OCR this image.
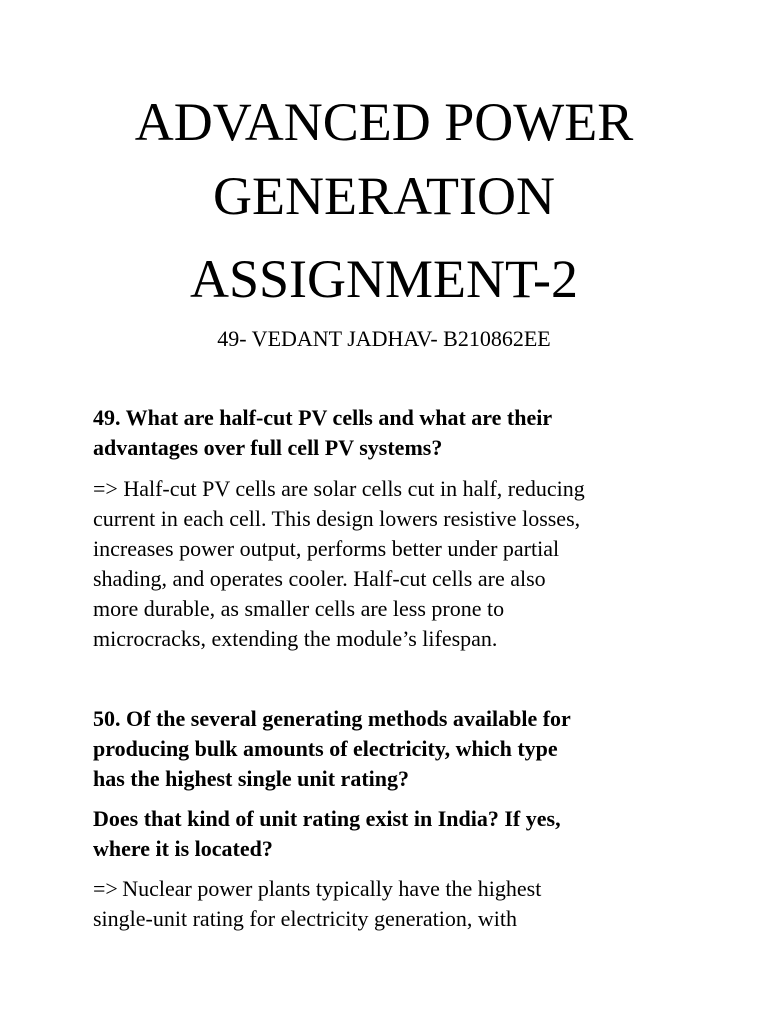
ADVANCED POWER
GENERATION
ASSIGNMENT-2

49- VEDANT JADHAV- B210862EE

49. What are half-cut PV cells and what are their
advantages over full cell PV systems?

=> Half-cut PV cells are solar cells cut in half, reducing
current in each cell. This design lowers resistive losses,
increases power output, performs better under partial
shading, and operates cooler. Half-cut cells are also
more durable, as smaller cells are less prone to
microcracks, extending the module’s lifespan.

50. Of the several generating methods available for
producing bulk amounts of electricity, which type
has the highest single unit rating?

Does that kind of unit rating exist in India? If yes,
where it is located?

=> Nuclear power plants typically have the highest
single-unit rating for electricity generation, with
